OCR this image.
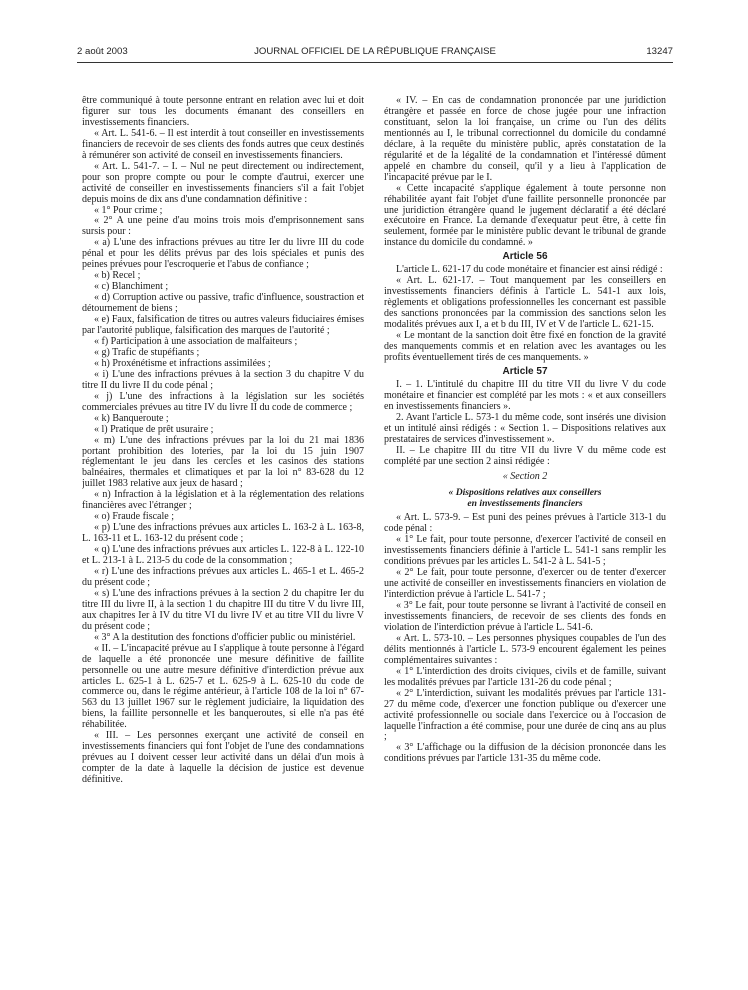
2 août 2003	JOURNAL OFFICIEL DE LA RÉPUBLIQUE FRANÇAISE	13247

être communiqué à toute personne entrant en relation avec lui et doit figurer sur tous les documents émanant des conseillers en investissements financiers.

« Art. L. 541-6. – Il est interdit à tout conseiller en investissements financiers de recevoir de ses clients des fonds autres que ceux destinés à rémunérer son activité de conseil en investissements financiers.

« Art. L. 541-7. – I. – Nul ne peut directement ou indirectement, pour son propre compte ou pour le compte d'autrui, exercer une activité de conseiller en investissements financiers s'il a fait l'objet depuis moins de dix ans d'une condamnation définitive :

« 1° Pour crime ;

« 2° A une peine d'au moins trois mois d'emprisonnement sans sursis pour :

« a) L'une des infractions prévues au titre Ier du livre III du code pénal et pour les délits prévus par des lois spéciales et punis des peines prévues pour l'escroquerie et l'abus de confiance ;

« b) Recel ;

« c) Blanchiment ;

« d) Corruption active ou passive, trafic d'influence, soustraction et détournement de biens ;

« e) Faux, falsification de titres ou autres valeurs fiduciaires émises par l'autorité publique, falsification des marques de l'autorité ;

« f) Participation à une association de malfaiteurs ;

« g) Trafic de stupéfiants ;

« h) Proxénétisme et infractions assimilées ;

« i) L'une des infractions prévues à la section 3 du chapitre V du titre II du livre II du code pénal ;

« j) L'une des infractions à la législation sur les sociétés commerciales prévues au titre IV du livre II du code de commerce ;

« k) Banqueroute ;

« l) Pratique de prêt usuraire ;

« m) L'une des infractions prévues par la loi du 21 mai 1836 portant prohibition des loteries, par la loi du 15 juin 1907 réglementant le jeu dans les cercles et les casinos des stations balnéaires, thermales et climatiques et par la loi n° 83-628 du 12 juillet 1983 relative aux jeux de hasard ;

« n) Infraction à la législation et à la réglementation des relations financières avec l'étranger ;

« o) Fraude fiscale ;

« p) L'une des infractions prévues aux articles L. 163-2 à L. 163-8, L. 163-11 et L. 163-12 du présent code ;

« q) L'une des infractions prévues aux articles L. 122-8 à L. 122-10 et L. 213-1 à L. 213-5 du code de la consommation ;

« r) L'une des infractions prévues aux articles L. 465-1 et L. 465-2 du présent code ;

« s) L'une des infractions prévues à la section 2 du chapitre Ier du titre III du livre II, à la section 1 du chapitre III du titre V du livre III, aux chapitres Ier à IV du titre VI du livre IV et au titre VII du livre V du présent code ;

« 3° A la destitution des fonctions d'officier public ou ministériel.

« II. – L'incapacité prévue au I s'applique à toute personne à l'égard de laquelle a été prononcée une mesure définitive de faillite personnelle ou une autre mesure définitive d'interdiction prévue aux articles L. 625-1 à L. 625-7 et L. 625-9 à L. 625-10 du code de commerce ou, dans le régime antérieur, à l'article 108 de la loi n° 67-563 du 13 juillet 1967 sur le règlement judiciaire, la liquidation des biens, la faillite personnelle et les banqueroutes, si elle n'a pas été réhabilitée.

« III. – Les personnes exerçant une activité de conseil en investissements financiers qui font l'objet de l'une des condamnations prévues au I doivent cesser leur activité dans un délai d'un mois à compter de la date à laquelle la décision de justice est devenue définitive.

« IV. – En cas de condamnation prononcée par une juridiction étrangère et passée en force de chose jugée pour une infraction constituant, selon la loi française, un crime ou l'un des délits mentionnés au I, le tribunal correctionnel du domicile du condamné déclare, à la requête du ministère public, après constatation de la régularité et de la légalité de la condamnation et l'intéressé dûment appelé en chambre du conseil, qu'il y a lieu à l'application de l'incapacité prévue par le I.

« Cette incapacité s'applique également à toute personne non réhabilitée ayant fait l'objet d'une faillite personnelle prononcée par une juridiction étrangère quand le jugement déclaratif a été déclaré exécutoire en France. La demande d'exequatur peut être, à cette fin seulement, formée par le ministère public devant le tribunal de grande instance du domicile du condamné. »

Article 56

L'article L. 621-17 du code monétaire et financier est ainsi rédigé :

« Art. L. 621-17. – Tout manquement par les conseillers en investissements financiers définis à l'article L. 541-1 aux lois, règlements et obligations professionnelles les concernant est passible des sanctions prononcées par la commission des sanctions selon les modalités prévues aux I, a et b du III, IV et V de l'article L. 621-15.

« Le montant de la sanction doit être fixé en fonction de la gravité des manquements commis et en relation avec les avantages ou les profits éventuellement tirés de ces manquements. »

Article 57

I. – 1. L'intitulé du chapitre III du titre VII du livre V du code monétaire et financier est complété par les mots : « et aux conseillers en investissements financiers ».

2. Avant l'article L. 573-1 du même code, sont insérés une division et un intitulé ainsi rédigés : « Section 1. – Dispositions relatives aux prestataires de services d'investissement ».

II. – Le chapitre III du titre VII du livre V du même code est complété par une section 2 ainsi rédigée :

« Section 2
« Dispositions relatives aux conseillers
en investissements financiers

« Art. L. 573-9. – Est puni des peines prévues à l'article 313-1 du code pénal :

« 1° Le fait, pour toute personne, d'exercer l'activité de conseil en investissements financiers définie à l'article L. 541-1 sans remplir les conditions prévues par les articles L. 541-2 à L. 541-5 ;

« 2° Le fait, pour toute personne, d'exercer ou de tenter d'exercer une activité de conseiller en investissements financiers en violation de l'interdiction prévue à l'article L. 541-7 ;

« 3° Le fait, pour toute personne se livrant à l'activité de conseil en investissements financiers, de recevoir de ses clients des fonds en violation de l'interdiction prévue à l'article L. 541-6.

« Art. L. 573-10. – Les personnes physiques coupables de l'un des délits mentionnés à l'article L. 573-9 encourent également les peines complémentaires suivantes :

« 1° L'interdiction des droits civiques, civils et de famille, suivant les modalités prévues par l'article 131-26 du code pénal ;

« 2° L'interdiction, suivant les modalités prévues par l'article 131-27 du même code, d'exercer une fonction publique ou d'exercer une activité professionnelle ou sociale dans l'exercice ou à l'occasion de laquelle l'infraction a été commise, pour une durée de cinq ans au plus ;

« 3° L'affichage ou la diffusion de la décision prononcée dans les conditions prévues par l'article 131-35 du même code.
